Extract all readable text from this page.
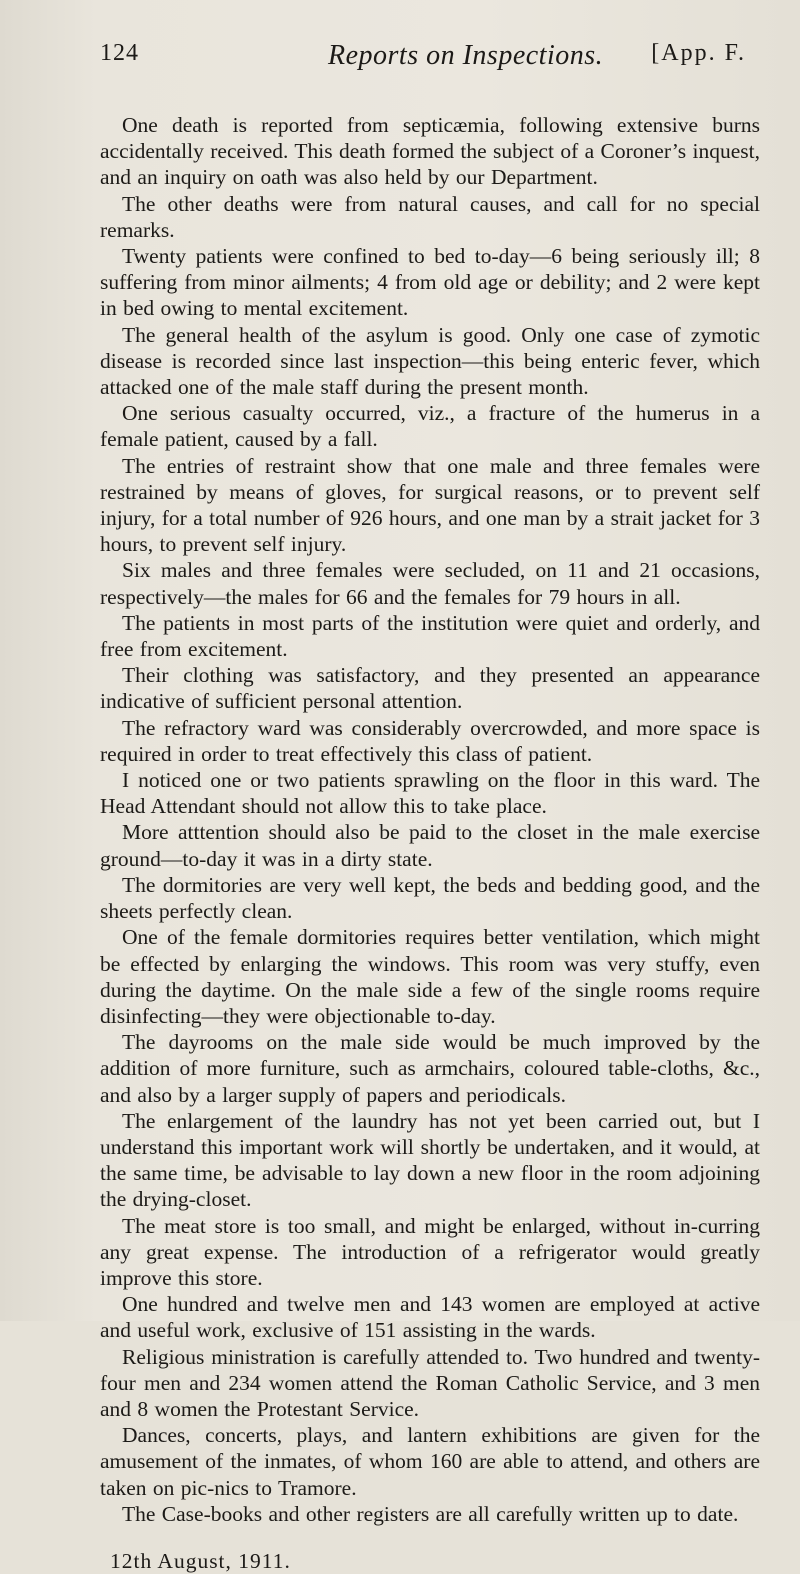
124	Reports on Inspections. [App. F.

One death is reported from septicæmia, following extensive burns accidentally received. This death formed the subject of a Coroner’s inquest, and an inquiry on oath was also held by our Department.

The other deaths were from natural causes, and call for no special remarks.

Twenty patients were confined to bed to-day—6 being seriously ill; 8 suffering from minor ailments; 4 from old age or debility; and 2 were kept in bed owing to mental excitement.

The general health of the asylum is good. Only one case of zymotic disease is recorded since last inspection—this being enteric fever, which attacked one of the male staff during the present month.

One serious casualty occurred, viz., a fracture of the humerus in a female patient, caused by a fall.

The entries of restraint show that one male and three females were restrained by means of gloves, for surgical reasons, or to prevent self injury, for a total number of 926 hours, and one man by a strait jacket for 3 hours, to prevent self injury.

Six males and three females were secluded, on 11 and 21 occasions, respectively—the males for 66 and the females for 79 hours in all.

The patients in most parts of the institution were quiet and orderly, and free from excitement.

Their clothing was satisfactory, and they presented an appearance indicative of sufficient personal attention.

The refractory ward was considerably overcrowded, and more space is required in order to treat effectively this class of patient.

I noticed one or two patients sprawling on the floor in this ward. The Head Attendant should not allow this to take place.

More atttention should also be paid to the closet in the male exercise ground—to-day it was in a dirty state.

The dormitories are very well kept, the beds and bedding good, and the sheets perfectly clean.

One of the female dormitories requires better ventilation, which might be effected by enlarging the windows. This room was very stuffy, even during the daytime. On the male side a few of the single rooms require disinfecting—they were objectionable to-day.

The dayrooms on the male side would be much improved by the addition of more furniture, such as armchairs, coloured table-cloths, &c., and also by a larger supply of papers and periodicals.

The enlargement of the laundry has not yet been carried out, but I understand this important work will shortly be undertaken, and it would, at the same time, be advisable to lay down a new floor in the room adjoining the drying-closet.

The meat store is too small, and might be enlarged, without in-curring any great expense. The introduction of a refrigerator would greatly improve this store.

One hundred and twelve men and 143 women are employed at active and useful work, exclusive of 151 assisting in the wards.

Religious ministration is carefully attended to. Two hundred and twenty-four men and 234 women attend the Roman Catholic Service, and 3 men and 8 women the Protestant Service.

Dances, concerts, plays, and lantern exhibitions are given for the amusement of the inmates, of whom 160 are able to attend, and others are taken on pic-nics to Tramore.

The Case-books and other registers are all carefully written up to date.

12th August, 1911.
